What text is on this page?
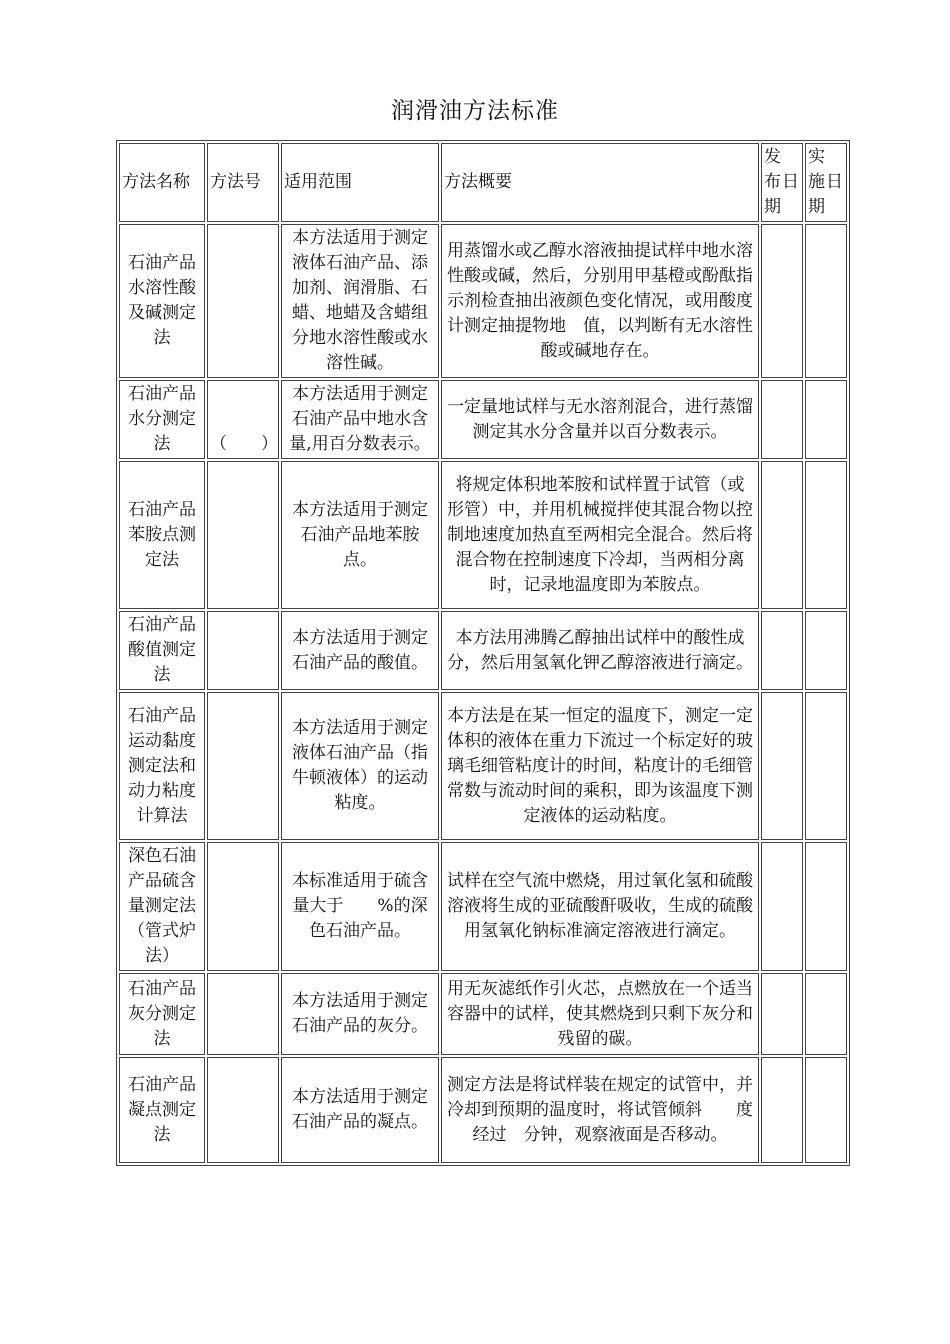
润滑油方法标准
方法名称	方法号	适用范围	方法概要	发 布日期	实 施日期
石油产品水溶性酸及碱测定法		本方法适用于测定液体石油产品、添加剂、润滑脂、石蜡、地蜡及含蜡组分地水溶性酸或水溶性碱。	用蒸馏水或乙醇水溶液抽提试样中地水溶性酸或碱，然后，分别用甲基橙或酚酞指示剂检查抽出液颜色变化情况，或用酸度计测定抽提物地　值，以判断有无水溶性酸或碱地存在。		
石油产品水分测定法	（　　）	本方法适用于测定石油产品中地水含量,用百分数表示。	一定量地试样与无水溶剂混合，进行蒸馏测定其水分含量并以百分数表示。		
石油产品苯胺点测定法		本方法适用于测定石油产品地苯胺点。	将规定体积地苯胺和试样置于试管（或　形管）中，并用机械搅拌使其混合物以控制地速度加热直至两相完全混合。然后将混合物在控制速度下冷却，当两相分离时，记录地温度即为苯胺点。		
石油产品酸值测定法		本方法适用于测定石油产品的酸值。	本方法用沸腾乙醇抽出试样中的酸性成分，然后用氢氧化钾乙醇溶液进行滴定。		
石油产品运动黏度测定法和动力粘度计算法		本方法适用于测定液体石油产品（指牛顿液体）的运动粘度。	本方法是在某一恒定的温度下，测定一定体积的液体在重力下流过一个标定好的玻璃毛细管粘度计的时间，粘度计的毛细管常数与流动时间的乘积，即为该温度下测定液体的运动粘度。		
深色石油产品硫含量测定法（管式炉法）		本标准适用于硫含量大于　　%的深色石油产品。	试样在空气流中燃烧，用过氧化氢和硫酸溶液将生成的亚硫酸酐吸收，生成的硫酸用氢氧化钠标准滴定溶液进行滴定。		
石油产品灰分测定法		本方法适用于测定石油产品的灰分。	用无灰滤纸作引火芯，点燃放在一个适当容器中的试样，使其燃烧到只剩下灰分和残留的碳。		
石油产品凝点测定法		本方法适用于测定石油产品的凝点。	测定方法是将试样装在规定的试管中，并冷却到预期的温度时，将试管倾斜　　度经过　分钟，观察液面是否移动。		
